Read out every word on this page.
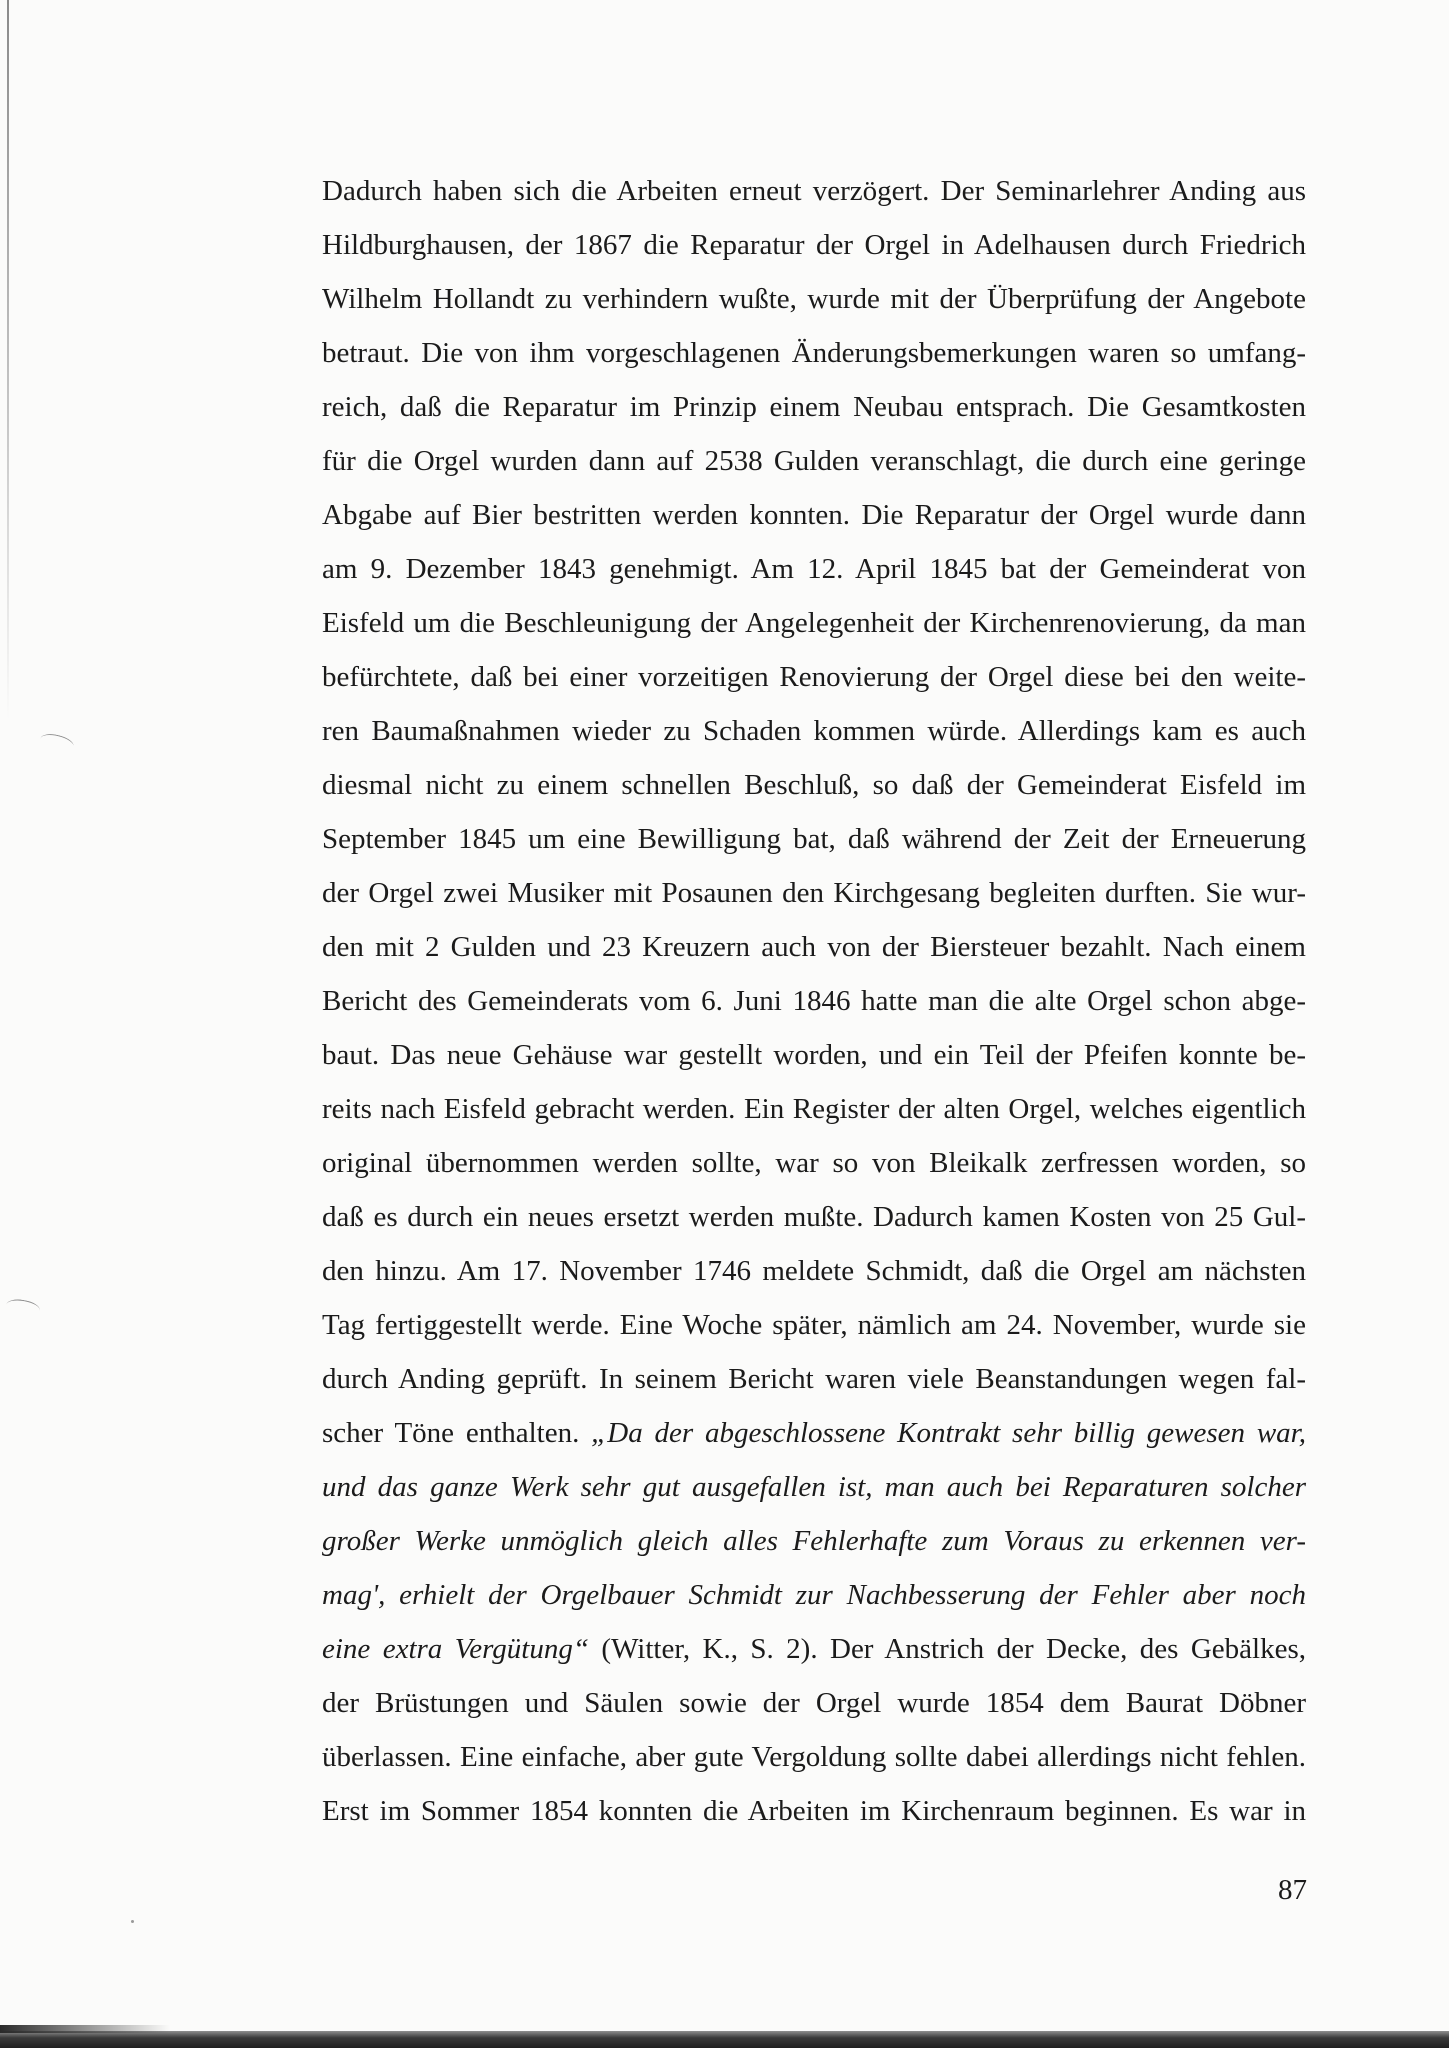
Dadurch haben sich die Arbeiten erneut verzögert. Der Seminarlehrer Anding aus
Hildburghausen, der 1867 die Reparatur der Orgel in Adelhausen durch Friedrich
Wilhelm Hollandt zu verhindern wußte, wurde mit der Überprüfung der Angebote
betraut. Die von ihm vorgeschlagenen Änderungsbemerkungen waren so umfang-
reich, daß die Reparatur im Prinzip einem Neubau entsprach. Die Gesamtkosten
für die Orgel wurden dann auf 2538 Gulden veranschlagt, die durch eine geringe
Abgabe auf Bier bestritten werden konnten. Die Reparatur der Orgel wurde dann
am 9. Dezember 1843 genehmigt. Am 12. April 1845 bat der Gemeinderat von
Eisfeld um die Beschleunigung der Angelegenheit der Kirchenrenovierung, da man
befürchtete, daß bei einer vorzeitigen Renovierung der Orgel diese bei den weite-
ren Baumaßnahmen wieder zu Schaden kommen würde. Allerdings kam es auch
diesmal nicht zu einem schnellen Beschluß, so daß der Gemeinderat Eisfeld im
September 1845 um eine Bewilligung bat, daß während der Zeit der Erneuerung
der Orgel zwei Musiker mit Posaunen den Kirchgesang begleiten durften. Sie wur-
den mit 2 Gulden und 23 Kreuzern auch von der Biersteuer bezahlt. Nach einem
Bericht des Gemeinderats vom 6. Juni 1846 hatte man die alte Orgel schon abge-
baut. Das neue Gehäuse war gestellt worden, und ein Teil der Pfeifen konnte be-
reits nach Eisfeld gebracht werden. Ein Register der alten Orgel, welches eigentlich
original übernommen werden sollte, war so von Bleikalk zerfressen worden, so
daß es durch ein neues ersetzt werden mußte. Dadurch kamen Kosten von 25 Gul-
den hinzu. Am 17. November 1746 meldete Schmidt, daß die Orgel am nächsten
Tag fertiggestellt werde. Eine Woche später, nämlich am 24. November, wurde sie
durch Anding geprüft. In seinem Bericht waren viele Beanstandungen wegen fal-
scher Töne enthalten. „Da der abgeschlossene Kontrakt sehr billig gewesen war,
und das ganze Werk sehr gut ausgefallen ist, man auch bei Reparaturen solcher
großer Werke unmöglich gleich alles Fehlerhafte zum Voraus zu erkennen ver-
mag', erhielt der Orgelbauer Schmidt zur Nachbesserung der Fehler aber noch
eine extra Vergütung“ (Witter, K., S. 2). Der Anstrich der Decke, des Gebälkes,
der Brüstungen und Säulen sowie der Orgel wurde 1854 dem Baurat Döbner
überlassen. Eine einfache, aber gute Vergoldung sollte dabei allerdings nicht fehlen.
Erst im Sommer 1854 konnten die Arbeiten im Kirchenraum beginnen. Es war in
87
